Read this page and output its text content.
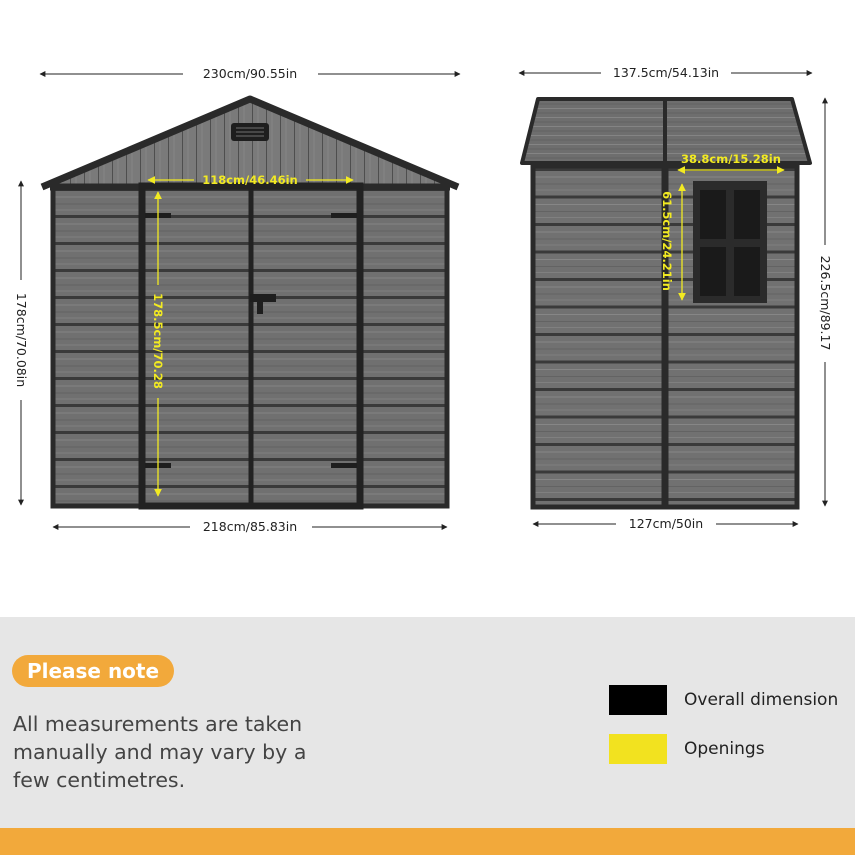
230cm/90.55in
218cm/85.83in
178cm/70.08in
118cm/46.46in
178.5cm/70.28
137.5cm/54.13in
127cm/50in
226.5cm/89.17
38.8cm/15.28in
61.5cm/24.21in
Please note
All measurements are taken manually and may vary by a few centimetres.
Overall dimension
Openings
